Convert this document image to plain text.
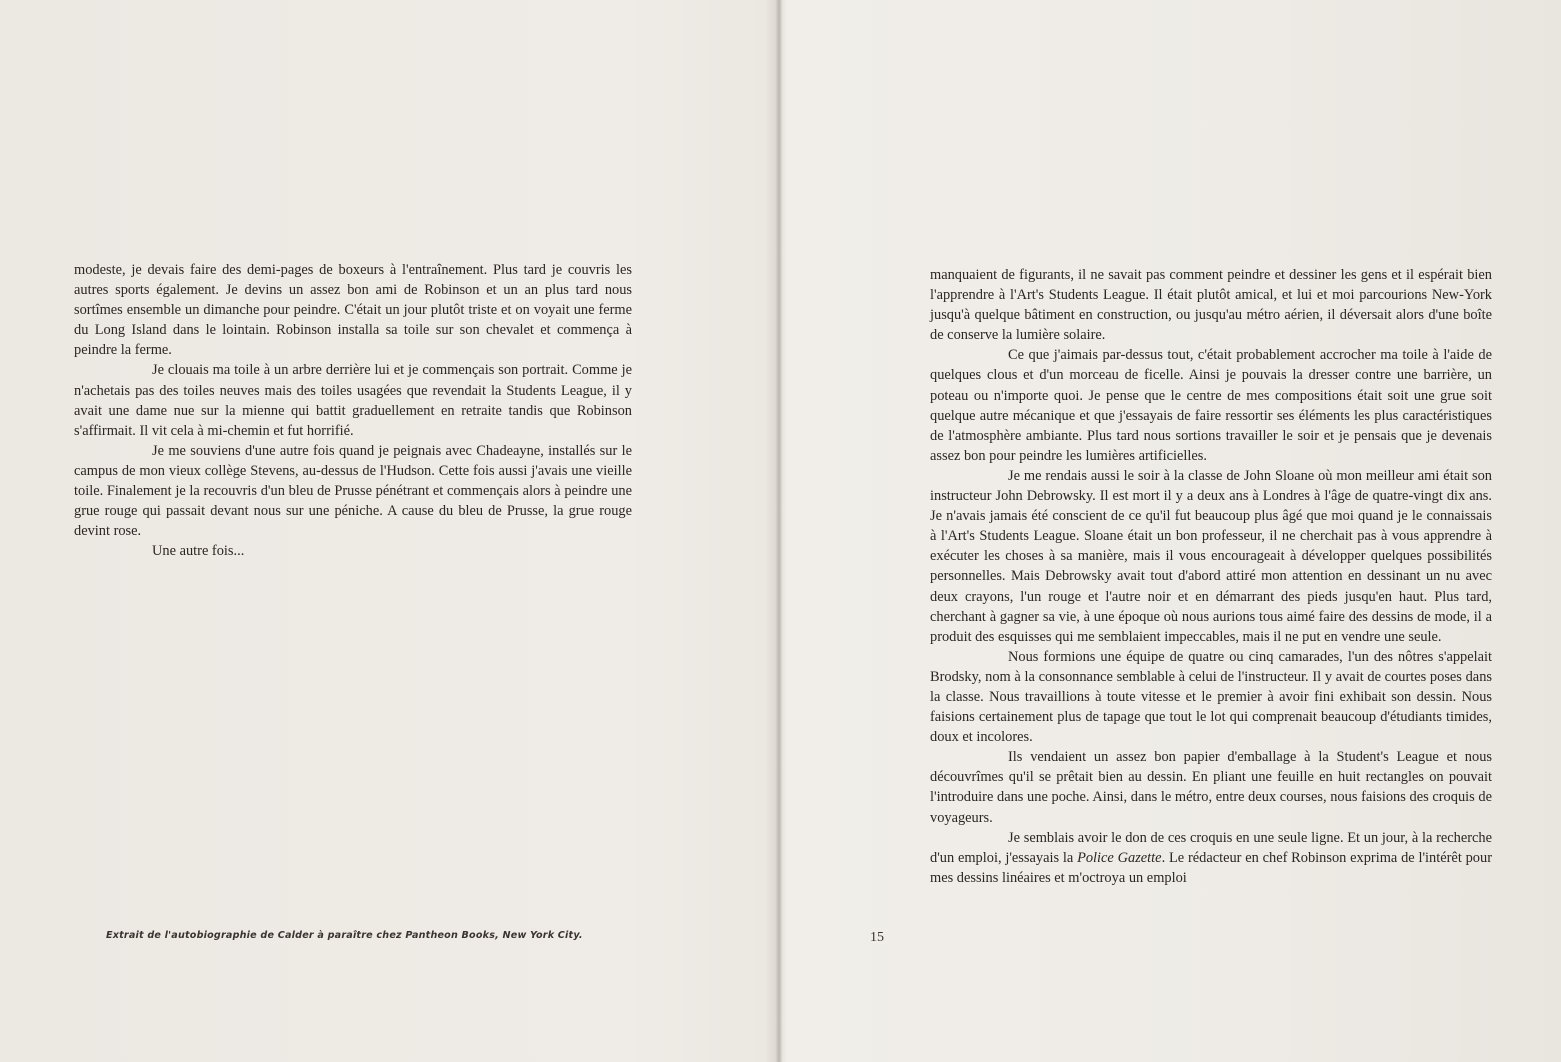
modeste, je devais faire des demi-pages de boxeurs à l'entraînement. Plus tard je couvris les autres sports également. Je devins un assez bon ami de Robinson et un an plus tard nous sortîmes ensemble un dimanche pour peindre. C'était un jour plutôt triste et on voyait une ferme du Long Island dans le lointain. Robinson installa sa toile sur son chevalet et commença à peindre la ferme.

Je clouais ma toile à un arbre derrière lui et je commençais son portrait. Comme je n'achetais pas des toiles neuves mais des toiles usagées que revendait la Students League, il y avait une dame nue sur la mienne qui battit graduellement en retraite tandis que Robinson s'affirmait. Il vit cela à mi-chemin et fut horrifié.

Je me souviens d'une autre fois quand je peignais avec Chadeayne, installés sur le campus de mon vieux collège Stevens, au-dessus de l'Hudson. Cette fois aussi j'avais une vieille toile. Finalement je la recouvris d'un bleu de Prusse pénétrant et commençais alors à peindre une grue rouge qui passait devant nous sur une péniche. A cause du bleu de Prusse, la grue rouge devint rose.

Une autre fois...

Extrait de l'autobiographie de Calder à paraître chez Pantheon Books, New York City.

manquaient de figurants, il ne savait pas comment peindre et dessiner les gens et il espérait bien l'apprendre à l'Art's Students League. Il était plutôt amical, et lui et moi parcourions New-York jusqu'à quelque bâtiment en construction, ou jusqu'au métro aérien, il déversait alors d'une boîte de conserve la lumière solaire.

Ce que j'aimais par-dessus tout, c'était probablement accrocher ma toile à l'aide de quelques clous et d'un morceau de ficelle. Ainsi je pouvais la dresser contre une barrière, un poteau ou n'importe quoi. Je pense que le centre de mes compositions était soit une grue soit quelque autre mécanique et que j'essayais de faire ressortir ses éléments les plus caractéristiques de l'atmosphère ambiante. Plus tard nous sortions travailler le soir et je pensais que je devenais assez bon pour peindre les lumières artificielles.

Je me rendais aussi le soir à la classe de John Sloane où mon meilleur ami était son instructeur John Debrowsky. Il est mort il y a deux ans à Londres à l'âge de quatre-vingt dix ans. Je n'avais jamais été conscient de ce qu'il fut beaucoup plus âgé que moi quand je le connaissais à l'Art's Students League. Sloane était un bon professeur, il ne cherchait pas à vous apprendre à exécuter les choses à sa manière, mais il vous encourageait à développer quelques possibilités personnelles. Mais Debrowsky avait tout d'abord attiré mon attention en dessinant un nu avec deux crayons, l'un rouge et l'autre noir et en démarrant des pieds jusqu'en haut. Plus tard, cherchant à gagner sa vie, à une époque où nous aurions tous aimé faire des dessins de mode, il a produit des esquisses qui me semblaient impeccables, mais il ne put en vendre une seule.

Nous formions une équipe de quatre ou cinq camarades, l'un des nôtres s'appelait Brodsky, nom à la consonnance semblable à celui de l'instructeur. Il y avait de courtes poses dans la classe. Nous travaillions à toute vitesse et le premier à avoir fini exhibait son dessin. Nous faisions certainement plus de tapage que tout le lot qui comprenait beaucoup d'étudiants timides, doux et incolores.

Ils vendaient un assez bon papier d'emballage à la Student's League et nous découvrîmes qu'il se prêtait bien au dessin. En pliant une feuille en huit rectangles on pouvait l'introduire dans une poche. Ainsi, dans le métro, entre deux courses, nous faisions des croquis de voyageurs.

Je semblais avoir le don de ces croquis en une seule ligne. Et un jour, à la recherche d'un emploi, j'essayais la Police Gazette. Le rédacteur en chef Robinson exprima de l'intérêt pour mes dessins linéaires et m'octroya un emploi

15
